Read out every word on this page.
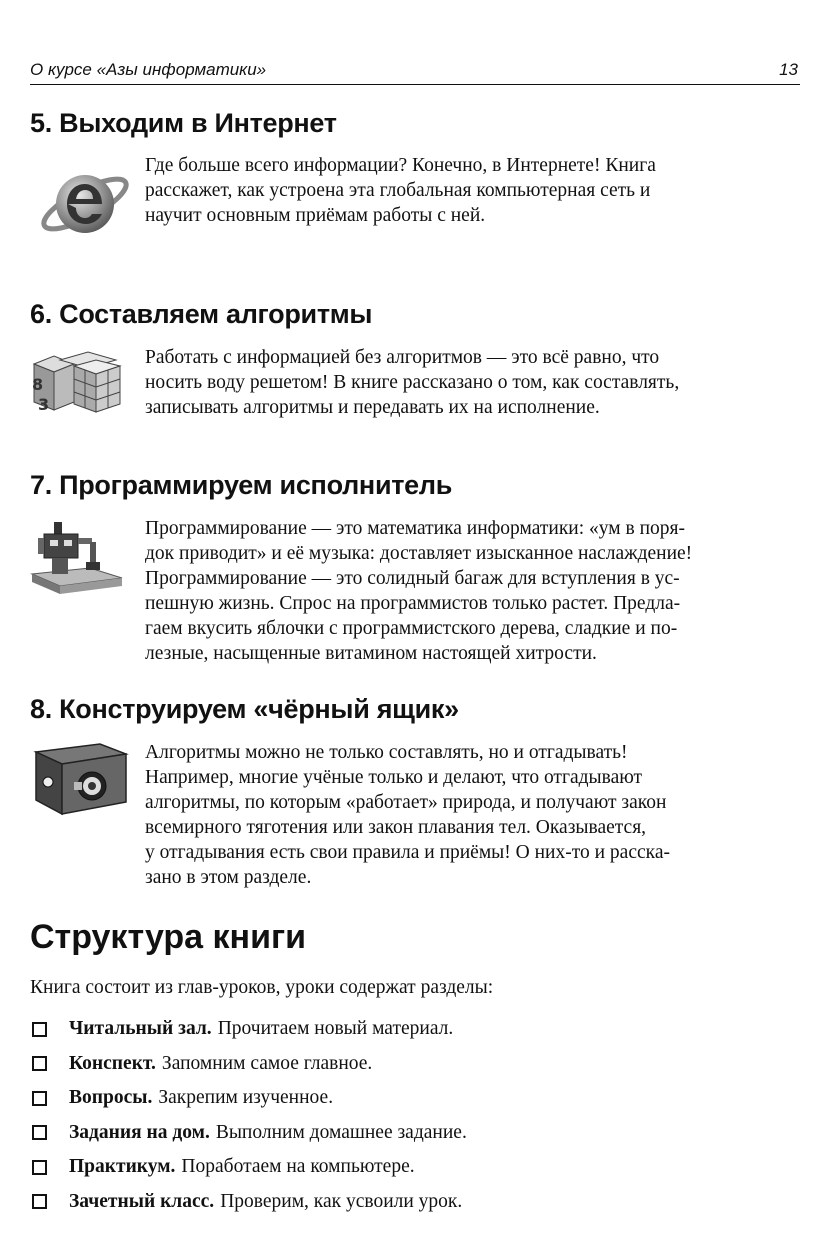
О курсе «Азы информатики»	13
5. Выходим в Интернет
Где больше всего информации? Конечно, в Интернете! Книга
расскажет, как устроена эта глобальная компьютерная сеть и
научит основным приёмам работы с ней.
6. Составляем алгоритмы
8
3
Работать с информацией без алгоритмов — это всё равно, что
носить воду решетом! В книге рассказано о том, как составлять,
записывать алгоритмы и передавать их на исполнение.
7. Программируем исполнитель
Программирование — это математика информатики: «ум в поря-
док приводит» и её музыка: доставляет изысканное наслаждение!
Программирование — это солидный багаж для вступления в ус-
пешную жизнь. Спрос на программистов только растет. Предла-
гаем вкусить яблочки с программистского дерева, сладкие и по-
лезные, насыщенные витамином настоящей хитрости.
8. Конструируем «чёрный ящик»
Алгоритмы можно не только составлять, но и отгадывать!
Например, многие учёные только и делают, что отгадывают
алгоритмы, по которым «работает» природа, и получают закон
всемирного тяготения или закон плавания тел. Оказывается,
у отгадывания есть свои правила и приёмы! О них-то и расска-
зано в этом разделе.
Структура книги

Книга состоит из глав-уроков, уроки содержат разделы:

Читальный зал. Прочитаем новый материал.
Конспект. Запомним самое главное.
Вопросы. Закрепим изученное.
Задания на дом. Выполним домашнее задание.
Практикум. Поработаем на компьютере.
Зачетный класс. Проверим, как усвоили урок.
